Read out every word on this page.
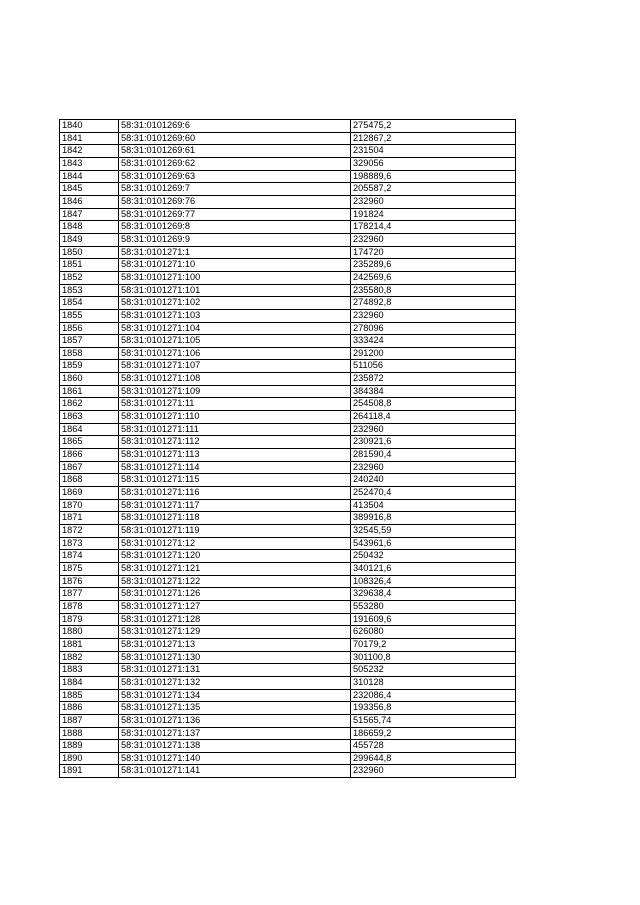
1840	58:31:0101269:6	275475,2
1841	58:31:0101269:60	212867,2
1842	58:31:0101269:61	231504
1843	58:31:0101269:62	329056
1844	58:31:0101269:63	198889,6
1845	58:31:0101269:7	205587,2
1846	58:31:0101269:76	232960
1847	58:31:0101269:77	191824
1848	58:31:0101269:8	178214,4
1849	58:31:0101269:9	232960
1850	58:31:0101271:1	174720
1851	58:31:0101271:10	235289,6
1852	58:31:0101271:100	242569,6
1853	58:31:0101271:101	235580,8
1854	58:31:0101271:102	274892,8
1855	58:31:0101271:103	232960
1856	58:31:0101271:104	278096
1857	58:31:0101271:105	333424
1858	58:31:0101271:106	291200
1859	58:31:0101271:107	511056
1860	58:31:0101271:108	235872
1861	58:31:0101271:109	384384
1862	58:31:0101271:11	254508,8
1863	58:31:0101271:110	264118,4
1864	58:31:0101271:111	232960
1865	58:31:0101271:112	230921,6
1866	58:31:0101271:113	281590,4
1867	58:31:0101271:114	232960
1868	58:31:0101271:115	240240
1869	58:31:0101271:116	252470,4
1870	58:31:0101271:117	413504
1871	58:31:0101271:118	389916,8
1872	58:31:0101271:119	32545,59
1873	58:31:0101271:12	543961,6
1874	58:31:0101271:120	250432
1875	58:31:0101271:121	340121,6
1876	58:31:0101271:122	108326,4
1877	58:31:0101271:126	329638,4
1878	58:31:0101271:127	553280
1879	58:31:0101271:128	191609,6
1880	58:31:0101271:129	626080
1881	58:31:0101271:13	70179,2
1882	58:31:0101271:130	301100,8
1883	58:31:0101271:131	505232
1884	58:31:0101271:132	310128
1885	58:31:0101271:134	232086,4
1886	58:31:0101271:135	193356,8
1887	58:31:0101271:136	51565,74
1888	58:31:0101271:137	186659,2
1889	58:31:0101271:138	455728
1890	58:31:0101271:140	299644,8
1891	58:31:0101271:141	232960
